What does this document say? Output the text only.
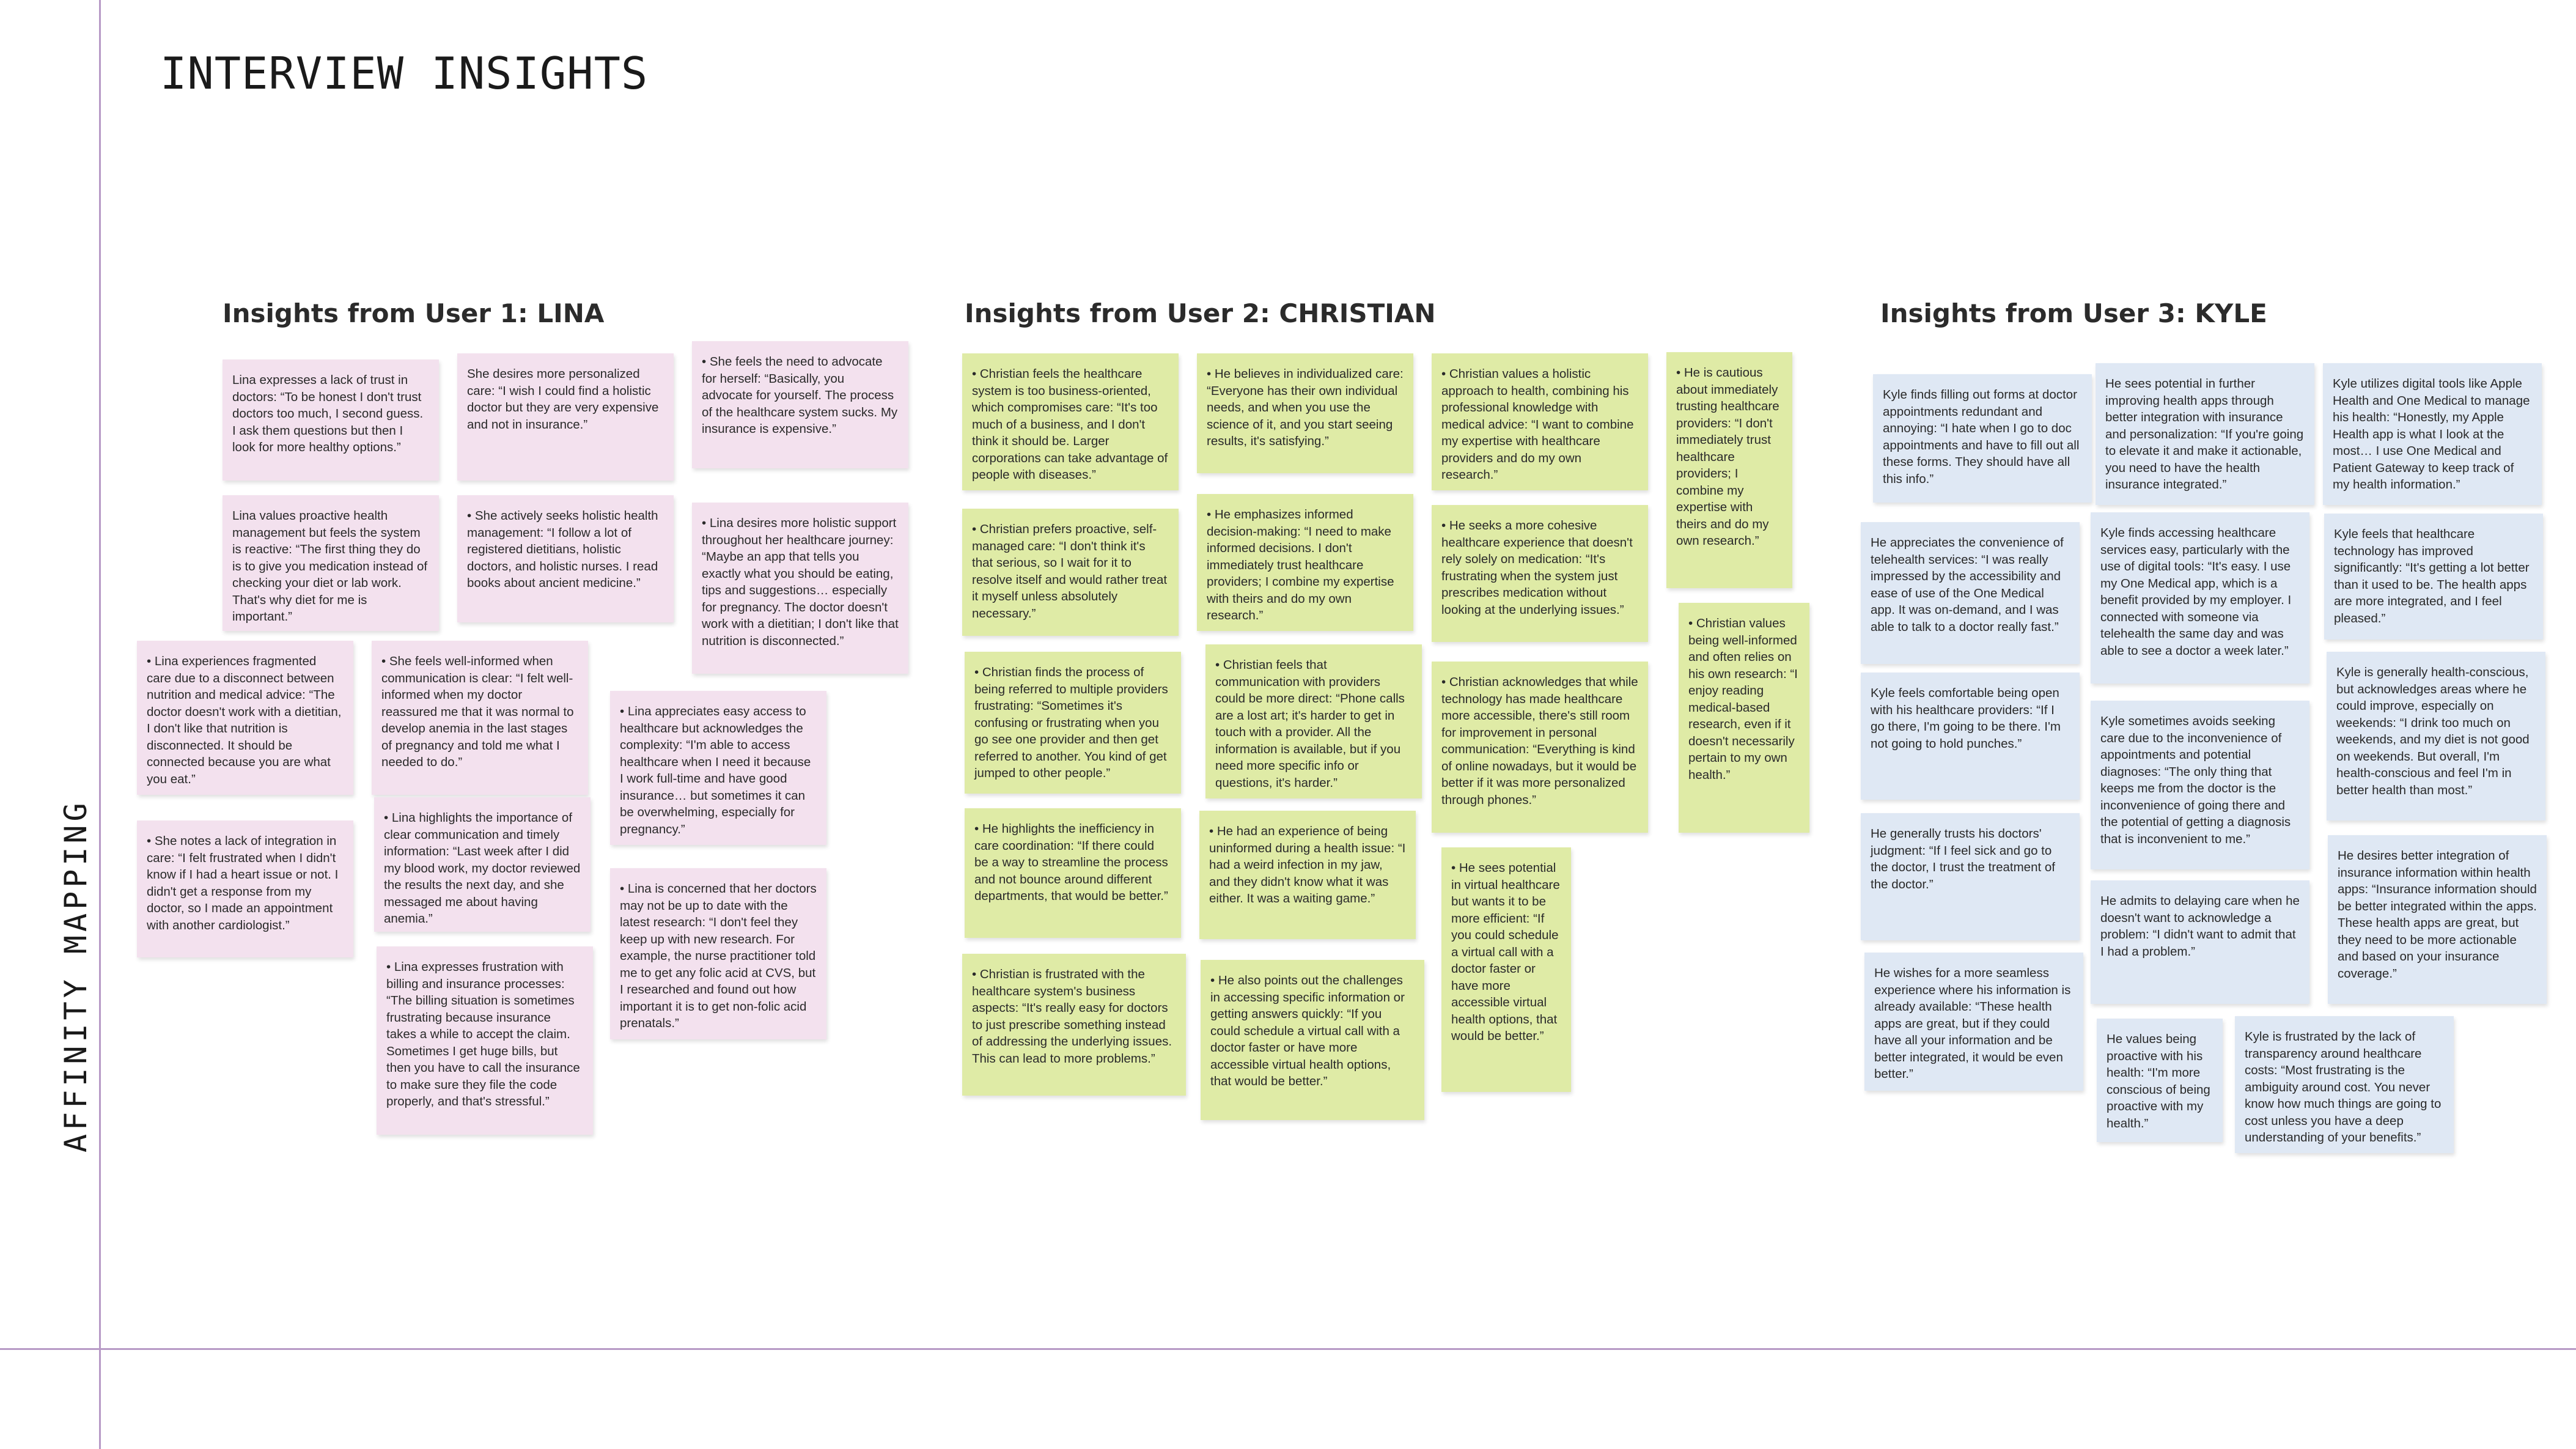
INTERVIEW INSIGHTS
AFFINITY MAPPING
Insights from User 1: LINA
Lina expresses a lack of trust in doctors: “To be honest I don't trust doctors too much, I second guess. I ask them questions but then I look for more healthy options.”
She desires more personalized care: “I wish I could find a holistic doctor but they are very expensive and not in insurance.”
• She feels the need to advocate for herself: “Basically, you advocate for yourself. The process of the healthcare system sucks. My insurance is expensive.”
Lina values proactive health management but feels the system is reactive: “The first thing they do is to give you medication instead of checking your diet or lab work. That's why diet for me is important.”
• She actively seeks holistic health management: “I follow a lot of registered dietitians, holistic doctors, and holistic nurses. I read books about ancient medicine.”
• Lina desires more holistic support throughout her healthcare journey: “Maybe an app that tells you exactly what you should be eating, tips and suggestions… especially for pregnancy. The doctor doesn't work with a dietitian; I don't like that nutrition is disconnected.”
• Lina experiences fragmented care due to a disconnect between nutrition and medical advice: “The doctor doesn't work with a dietitian, I don't like that nutrition is disconnected. It should be connected because you are what you eat.”
• She feels well-informed when communication is clear: “I felt well-informed when my doctor reassured me that it was normal to develop anemia in the last stages of pregnancy and told me what I needed to do.”
• Lina appreciates easy access to healthcare but acknowledges the complexity: “I'm able to access healthcare when I need it because I work full-time and have good insurance… but sometimes it can be overwhelming, especially for pregnancy.”
• Lina highlights the importance of clear communication and timely information: “Last week after I did my blood work, my doctor reviewed the results the next day, and she messaged me about having anemia.”
• She notes a lack of integration in care: “I felt frustrated when I didn't know if I had a heart issue or not. I didn't get a response from my doctor, so I made an appointment with another cardiologist.”
• Lina is concerned that her doctors may not be up to date with the latest research: “I don't feel they keep up with new research. For example, the nurse practitioner told me to get any folic acid at CVS, but I researched and found out how important it is to get non-folic acid prenatals.”
• Lina expresses frustration with billing and insurance processes: “The billing situation is sometimes frustrating because insurance takes a while to accept the claim. Sometimes I get huge bills, but then you have to call the insurance to make sure they file the code properly, and that's stressful.”
Insights from User 2: CHRISTIAN
• Christian feels the healthcare system is too business-oriented, which compromises care: “It's too much of a business, and I don't think it should be. Larger corporations can take advantage of people with diseases.”
• He believes in individualized care: “Everyone has their own individual needs, and when you use the science of it, and you start seeing results, it's satisfying.”
• Christian values a holistic approach to health, combining his professional knowledge with medical advice: “I want to combine my expertise with healthcare providers and do my own research.”
• He is cautious about immediately trusting healthcare providers: “I don't immediately trust healthcare providers; I combine my expertise with theirs and do my own research.”
• Christian prefers proactive, self-managed care: “I don't think it's that serious, so I wait for it to resolve itself and would rather treat it myself unless absolutely necessary.”
• He emphasizes informed decision-making: “I need to make informed decisions. I don't immediately trust healthcare providers; I combine my expertise with theirs and do my own research.”
• He seeks a more cohesive healthcare experience that doesn't rely solely on medication: “It's frustrating when the system just prescribes medication without looking at the underlying issues.”
• Christian values being well-informed and often relies on his own research: “I enjoy reading medical-based research, even if it doesn't necessarily pertain to my own health.”
• Christian finds the process of being referred to multiple providers frustrating: “Sometimes it's confusing or frustrating when you go see one provider and then get referred to another. You kind of get jumped to other people.”
• Christian feels that communication with providers could be more direct: “Phone calls are a lost art; it's harder to get in touch with a provider. All the information is available, but if you need more specific info or questions, it's harder.”
• Christian acknowledges that while technology has made healthcare more accessible, there's still room for improvement in personal communication: “Everything is kind of online nowadays, but it would be better if it was more personalized through phones.”
• He highlights the inefficiency in care coordination: “If there could be a way to streamline the process and not bounce around different departments, that would be better.”
• He had an experience of being uninformed during a health issue: “I had a weird infection in my jaw, and they didn't know what it was either. It was a waiting game.”
• He sees potential in virtual healthcare but wants it to be more efficient: “If you could schedule a virtual call with a doctor faster or have more accessible virtual health options, that would be better.”
• Christian is frustrated with the healthcare system's business aspects: “It's really easy for doctors to just prescribe something instead of addressing the underlying issues. This can lead to more problems.”
• He also points out the challenges in accessing specific information or getting answers quickly: “If you could schedule a virtual call with a doctor faster or have more accessible virtual health options, that would be better.”
Insights from User 3: KYLE
Kyle finds filling out forms at doctor appointments redundant and annoying: “I hate when I go to doc appointments and have to fill out all these forms. They should have all this info.”
He sees potential in further improving health apps through better integration with insurance and personalization: “If you're going to elevate it and make it actionable, you need to have the health insurance integrated.”
Kyle utilizes digital tools like Apple Health and One Medical to manage his health: “Honestly, my Apple Health app is what I look at the most… I use One Medical and Patient Gateway to keep track of my health information.”
He appreciates the convenience of telehealth services: “I was really impressed by the accessibility and ease of use of the One Medical app. It was on-demand, and I was able to talk to a doctor really fast.”
Kyle finds accessing healthcare services easy, particularly with the use of digital tools: “It's easy. I use my One Medical app, which is a benefit provided by my employer. I connected with someone via telehealth the same day and was able to see a doctor a week later.”
Kyle feels that healthcare technology has improved significantly: “It's getting a lot better than it used to be. The health apps are more integrated, and I feel pleased.”
Kyle feels comfortable being open with his healthcare providers: “If I go there, I'm going to be there. I'm not going to hold punches.”
Kyle sometimes avoids seeking care due to the inconvenience of appointments and potential diagnoses: “The only thing that keeps me from the doctor is the inconvenience of going there and the potential of getting a diagnosis that is inconvenient to me.”
Kyle is generally health-conscious, but acknowledges areas where he could improve, especially on weekends: “I drink too much on weekends, and my diet is not good on weekends. But overall, I'm health-conscious and feel I'm in better health than most.”
He generally trusts his doctors' judgment: “If I feel sick and go to the doctor, I trust the treatment of the doctor.”
He admits to delaying care when he doesn't want to acknowledge a problem: “I didn't want to admit that I had a problem.”
He desires better integration of insurance information within health apps: “Insurance information should be better integrated within the apps. These health apps are great, but they need to be more actionable and based on your insurance coverage.”
He wishes for a more seamless experience where his information is already available: “These health apps are great, but if they could have all your information and be better integrated, it would be even better.”
He values being proactive with his health: “I'm more conscious of being proactive with my health.”
Kyle is frustrated by the lack of transparency around healthcare costs: “Most frustrating is the ambiguity around cost. You never know how much things are going to cost unless you have a deep understanding of your benefits.”
